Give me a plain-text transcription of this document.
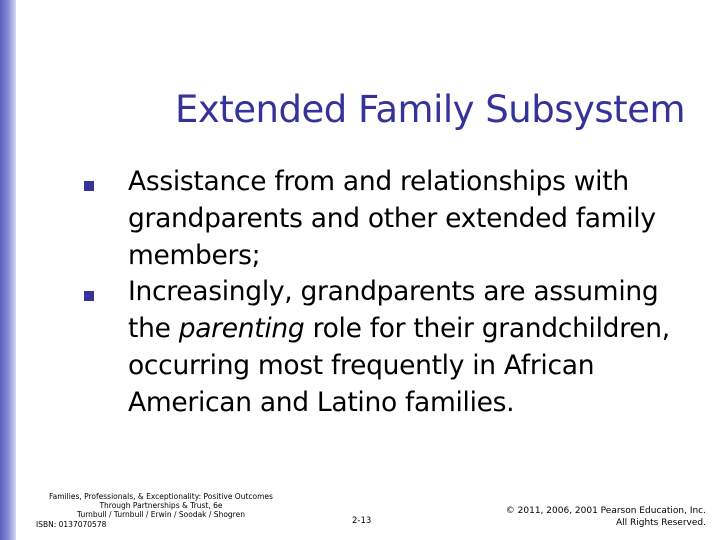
Extended Family Subsystem
Assistance from and relationships with grandparents and other extended family members;
Increasingly, grandparents are assuming the parenting role for their grandchildren, occurring most frequently in African American and Latino families.
Families, Professionals, & Exceptionality: Positive Outcomes
Through Partnerships & Trust, 6e
Turnbull / Turnbull / Erwin / Soodak / Shogren
ISBN: 0137070578	2-13
© 2011, 2006, 2001 Pearson Education, Inc.
All Rights Reserved.
